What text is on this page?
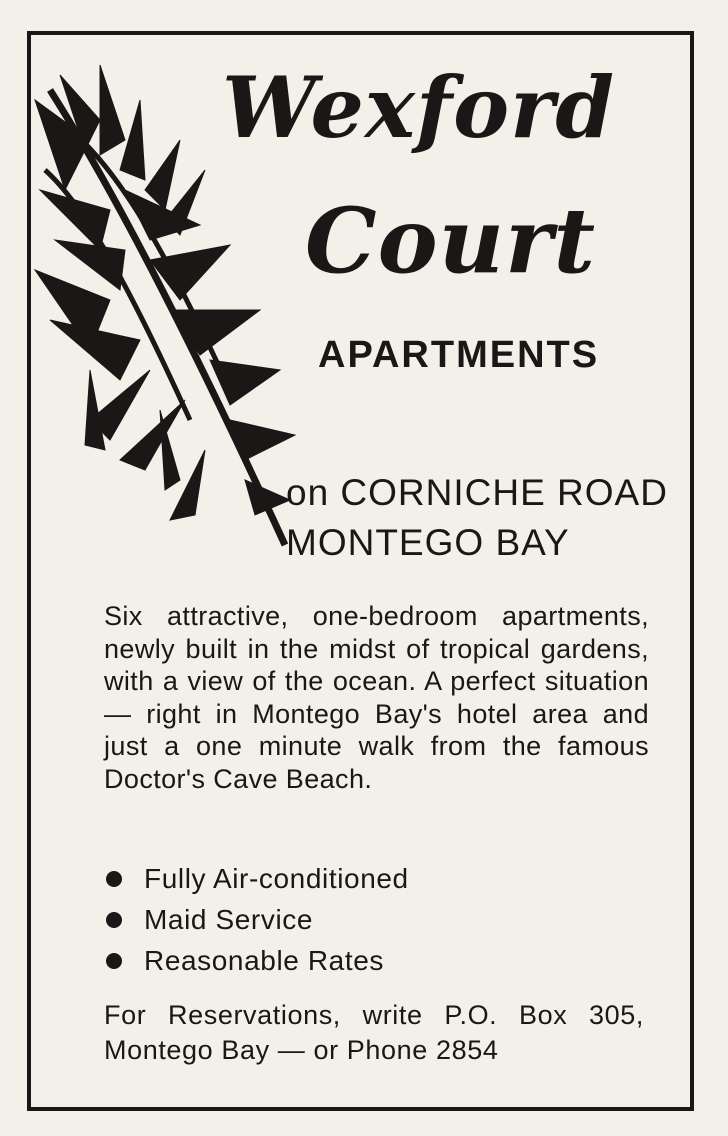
Wexford
Court
APARTMENTS
on CORNICHE ROAD
MONTEGO BAY
Six attractive, one-bedroom apartments, newly built in the midst of tropical gardens, with a view of the ocean. A perfect situation — right in Montego Bay's hotel area and just a one minute walk from the famous Doctor's Cave Beach.
Fully Air-conditioned
Maid Service
Reasonable Rates
For Reservations, write P.O. Box 305, Montego Bay — or Phone 2854
